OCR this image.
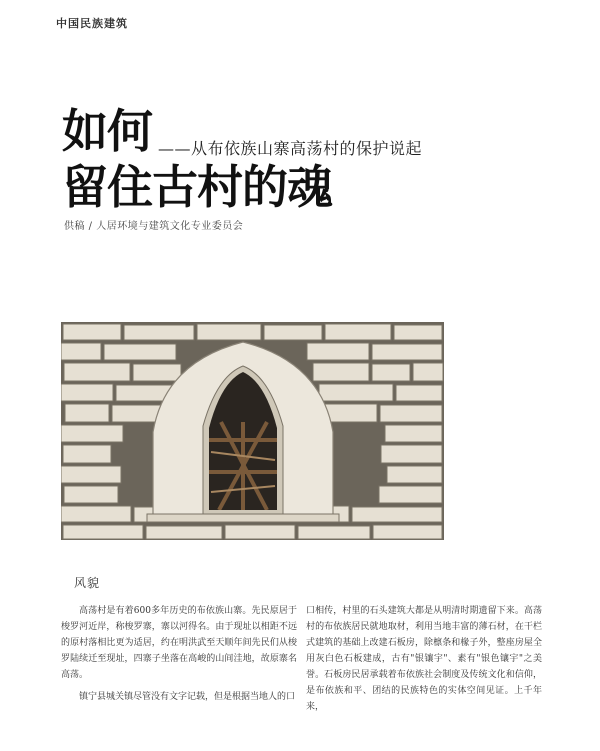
中国民族建筑
如何 ——从布依族山寨高荡村的保护说起
留住古村的魂
供稿 / 人居环境与建筑文化专业委员会
风貌

高荡村是有着600多年历史的布依族山寨。先民原居于梭罗河近岸，称梭罗寨，寨以河得名。由于现址以相距不远的原村落相比更为适居，约在明洪武至天顺年间先民们从梭罗陆续迁至现址，四寨子坐落在高峻的山间洼地，故原寨名高荡。

镇宁县城关镇尽管没有文字记载，但是根据当地人的口

口相传，村里的石头建筑大都是从明清时期遗留下来。高荡村的布依族居民就地取材，利用当地丰富的薄石材，在干栏式建筑的基础上改建石板房，除檩条和椽子外，整座房屋全用灰白色石板建成，古有"银镶宇"、素有"银色镶宇"之美誉。石板房民居承载着布依族社会制度及传统文化和信仰，是布依族和平、团结的民族特色的实体空间见证。上千年来，
